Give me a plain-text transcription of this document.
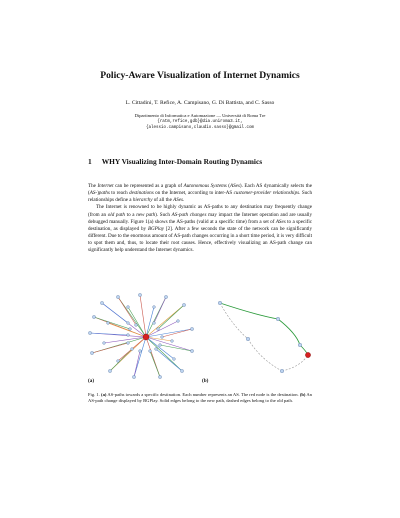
Policy-Aware Visualization of Internet Dynamics
L. Cittadini, T. Refice, A. Campisano, G. Di Battista, and C. Sasso
Dipartimento di Informatica e Automazione — Università di Roma Tre
{ratm,refice,gdb}@dia.uniroma3.it,
{alessio.campisano,claudio.sasso}@gmail.com
1 WHY Visualizing Inter-Domain Routing Dynamics

The Internet can be represented as a graph of Autonomous Systems (ASes). Each AS dynamically selects the (AS-)paths to reach destinations on the Internet, according to inter-AS customer-provider relationships. Such relationships define a hierarchy of all the ASes.

The Internet is renowned to be highly dynamic as AS-paths to any destination may frequently change (from an old path to a new path). Such AS-path changes may impact the Internet operation and are usually debugged manually. Figure 1(a) shows the AS-paths (valid at a specific time) from a set of ASes to a specific destination, as displayed by BGPlay [2]. After a few seconds the state of the network can be significantly different. Due to the enormous amount of AS-path changes occurring in a short time period, it is very difficult to spot them and, thus, to locate their root causes. Hence, effectively visualizing an AS-path change can significantly help understand the Internet dynamics.

(a)	(b)
Fig. 1. (a) AS-paths towards a specific destination. Each number represents an AS. The red node is the destination. (b) An AS-path change displayed by BGPlay. Solid edges belong to the new path, dashed edges belong to the old path.
